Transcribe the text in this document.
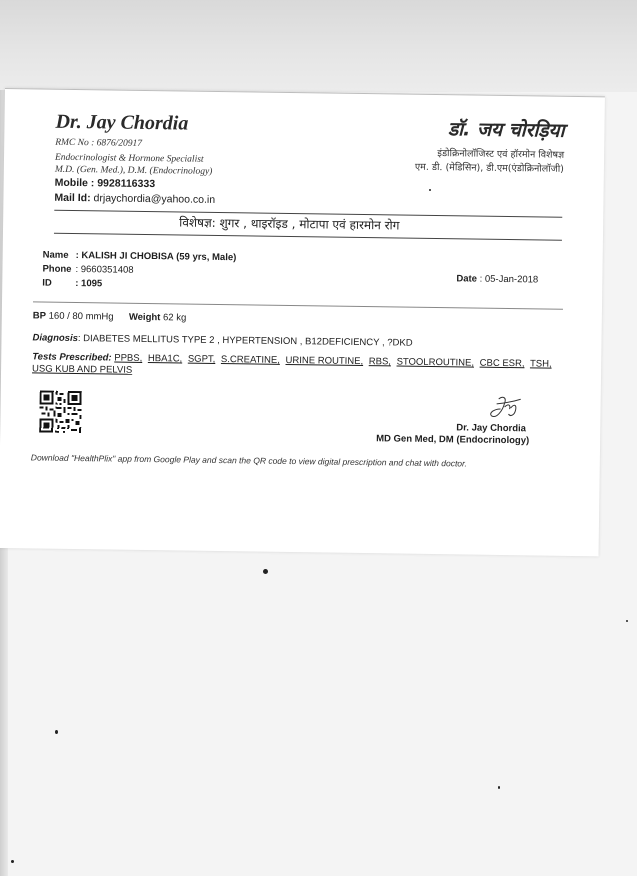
Dr. Jay Chordia
RMC No : 6876/20917
Endocrinologist & Hormone Specialist
M.D. (Gen. Med.), D.M. (Endocrinology)
Mobile : 9928116333
Mail Id: drjaychordia@yahoo.co.in
डॉ. जय चोरड़िया
इंडोक्रिनोलॉजिस्ट एवं हॉरमोन विशेषज्ञ
एम. डी. (मेडिसिन), डी.एम(एंडोक्रिनोलॉजी)
विशेषज्ञ: शुगर , थाइरॉइड , मोटापा एवं हारमोन रोग
Name : KALISH JI CHOBISA (59 yrs, Male)
Phone : 9660351408
ID : 1095	Date : 05-Jan-2018
BP 160 / 80 mmHg Weight 62 kg
Diagnosis: DIABETES MELLITUS TYPE 2 , HYPERTENSION , B12DEFICIENCY , ?DKD
Tests Prescribed: PPBS, HBA1C, SGPT, S.CREATINE, URINE ROUTINE, RBS, STOOLROUTINE, CBC ESR, TSH, USG KUB AND PELVIS
Dr. Jay Chordia
MD Gen Med, DM (Endocrinology)
Download "HealthPlix" app from Google Play and scan the QR code to view digital prescription and chat with doctor.
